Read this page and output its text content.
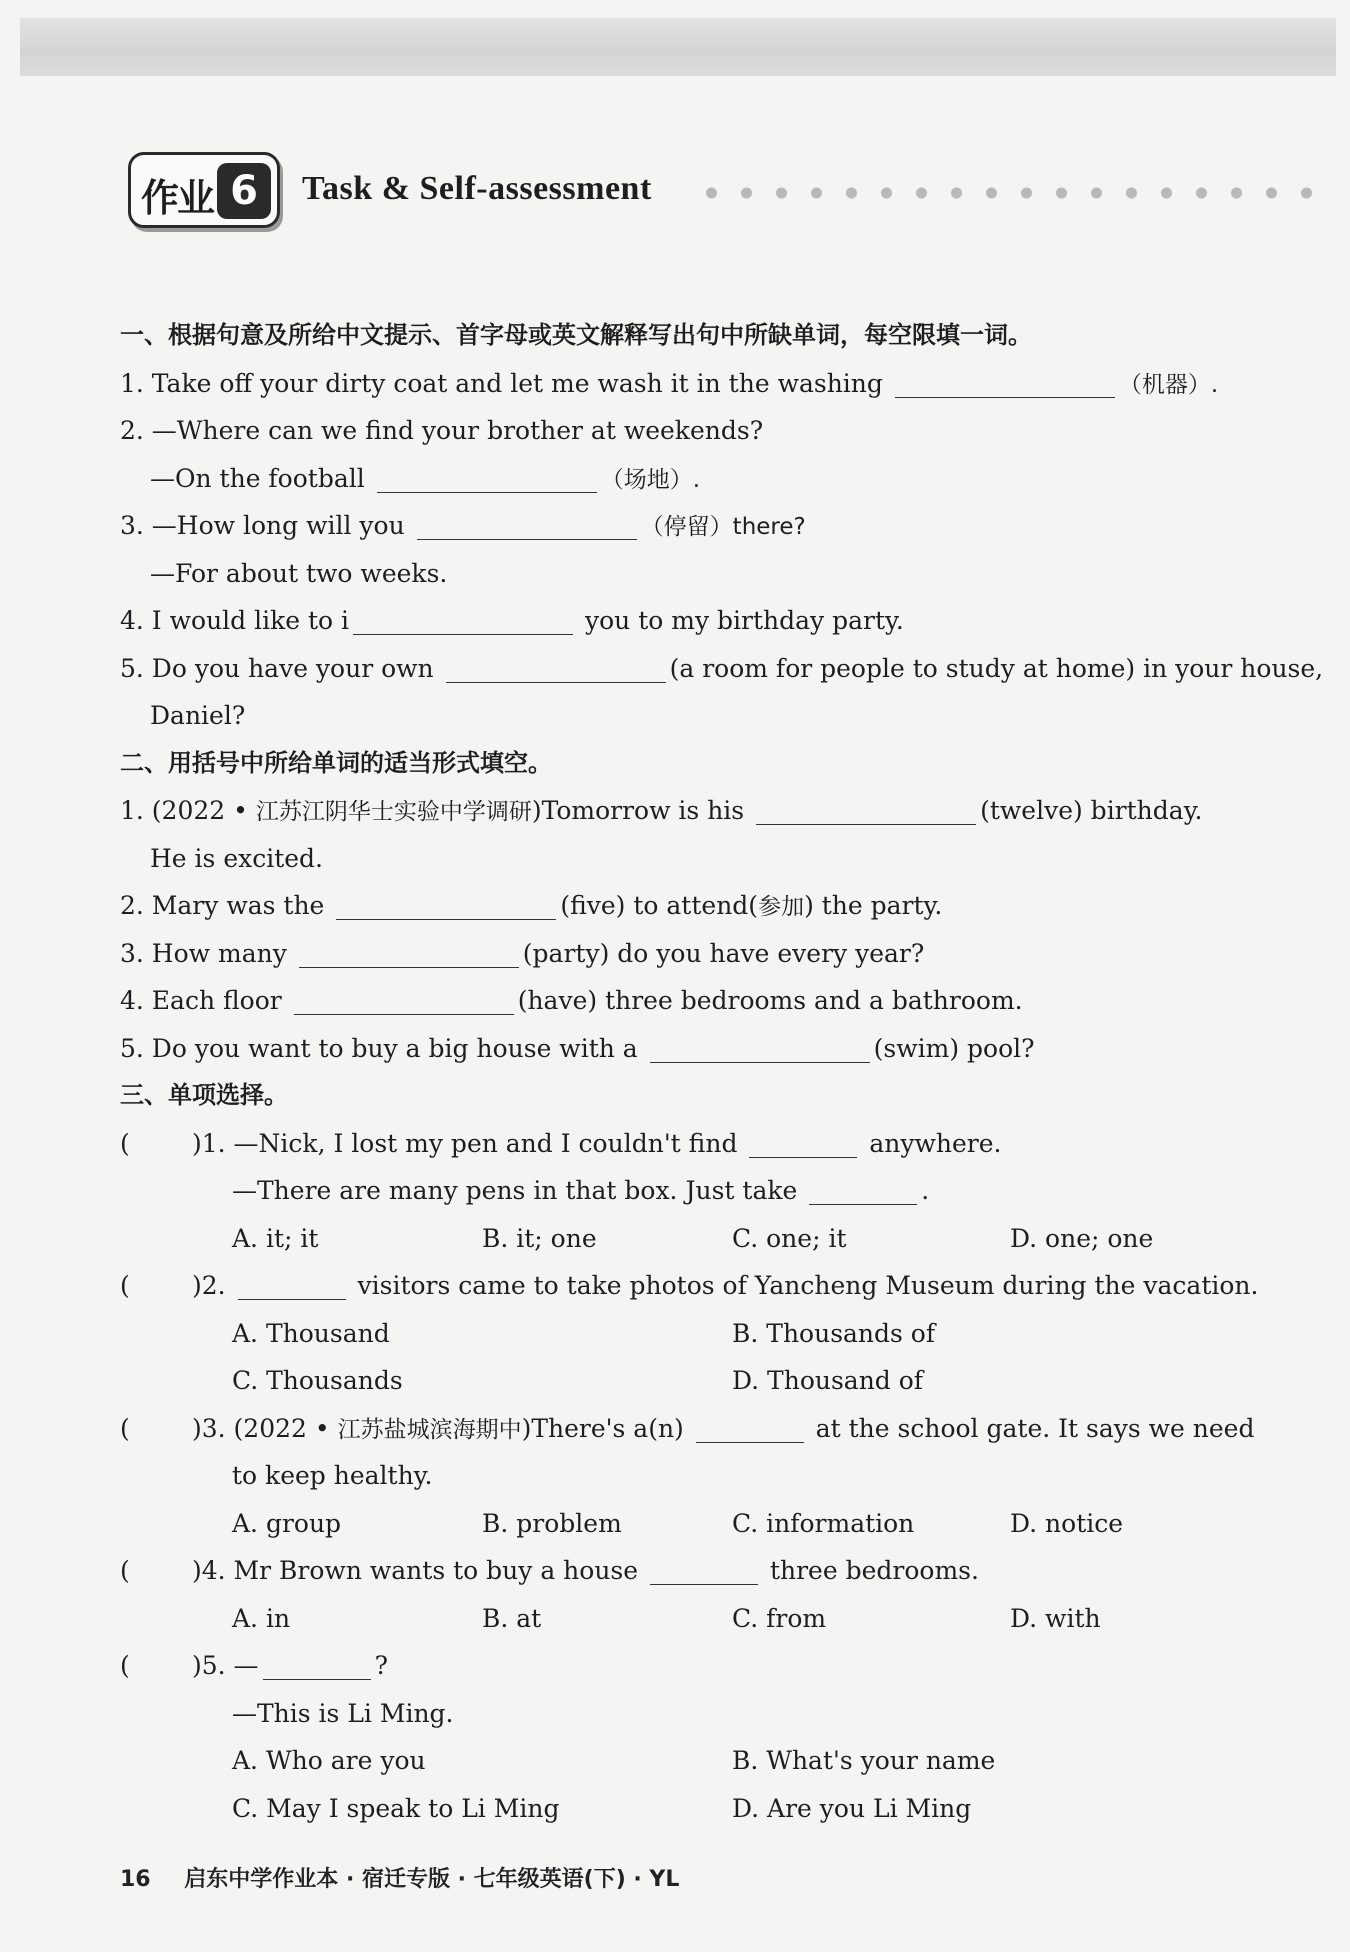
作业 6	Task & Self-assessment
一、根据句意及所给中文提示、首字母或英文解释写出句中所缺单词，每空限填一词。
1. Take off your dirty coat and let me wash it in the washing	（机器）.
2. —Where can we find your brother at weekends?
—On the football	（场地）.
3. —How long will you	（停留）there?
—For about two weeks.
4. I would like to i	you to my birthday party.
5. Do you have your own	(a room for people to study at home) in your house,
Daniel?
二、用括号中所给单词的适当形式填空。
1. (2022 • 江苏江阴华士实验中学调研)Tomorrow is his	(twelve) birthday.
He is excited.
2. Mary was the	(five) to attend(参加) the party.
3. How many	(party) do you have every year?
4. Each floor	(have) three bedrooms and a bathroom.
5. Do you want to buy a big house with a	(swim) pool?
三、单项选择。
( )1. —Nick, I lost my pen and I couldn't find	anywhere.
—There are many pens in that box. Just take	.
A. it; it	B. it; one	C. one; it	D. one; one
( )2.	visitors came to take photos of Yancheng Museum during the vacation.
A. Thousand	B. Thousands of
C. Thousands	D. Thousand of
( )3. (2022 • 江苏盐城滨海期中)There's a(n)	at the school gate. It says we need
to keep healthy.
A. group	B. problem	C. information	D. notice
( )4. Mr Brown wants to buy a house	three bedrooms.
A. in	B. at	C. from	D. with
( )5. —	?
—This is Li Ming.
A. Who are you	B. What's your name
C. May I speak to Li Ming	D. Are you Li Ming
16 启东中学作业本 · 宿迁专版 · 七年级英语(下) · YL
